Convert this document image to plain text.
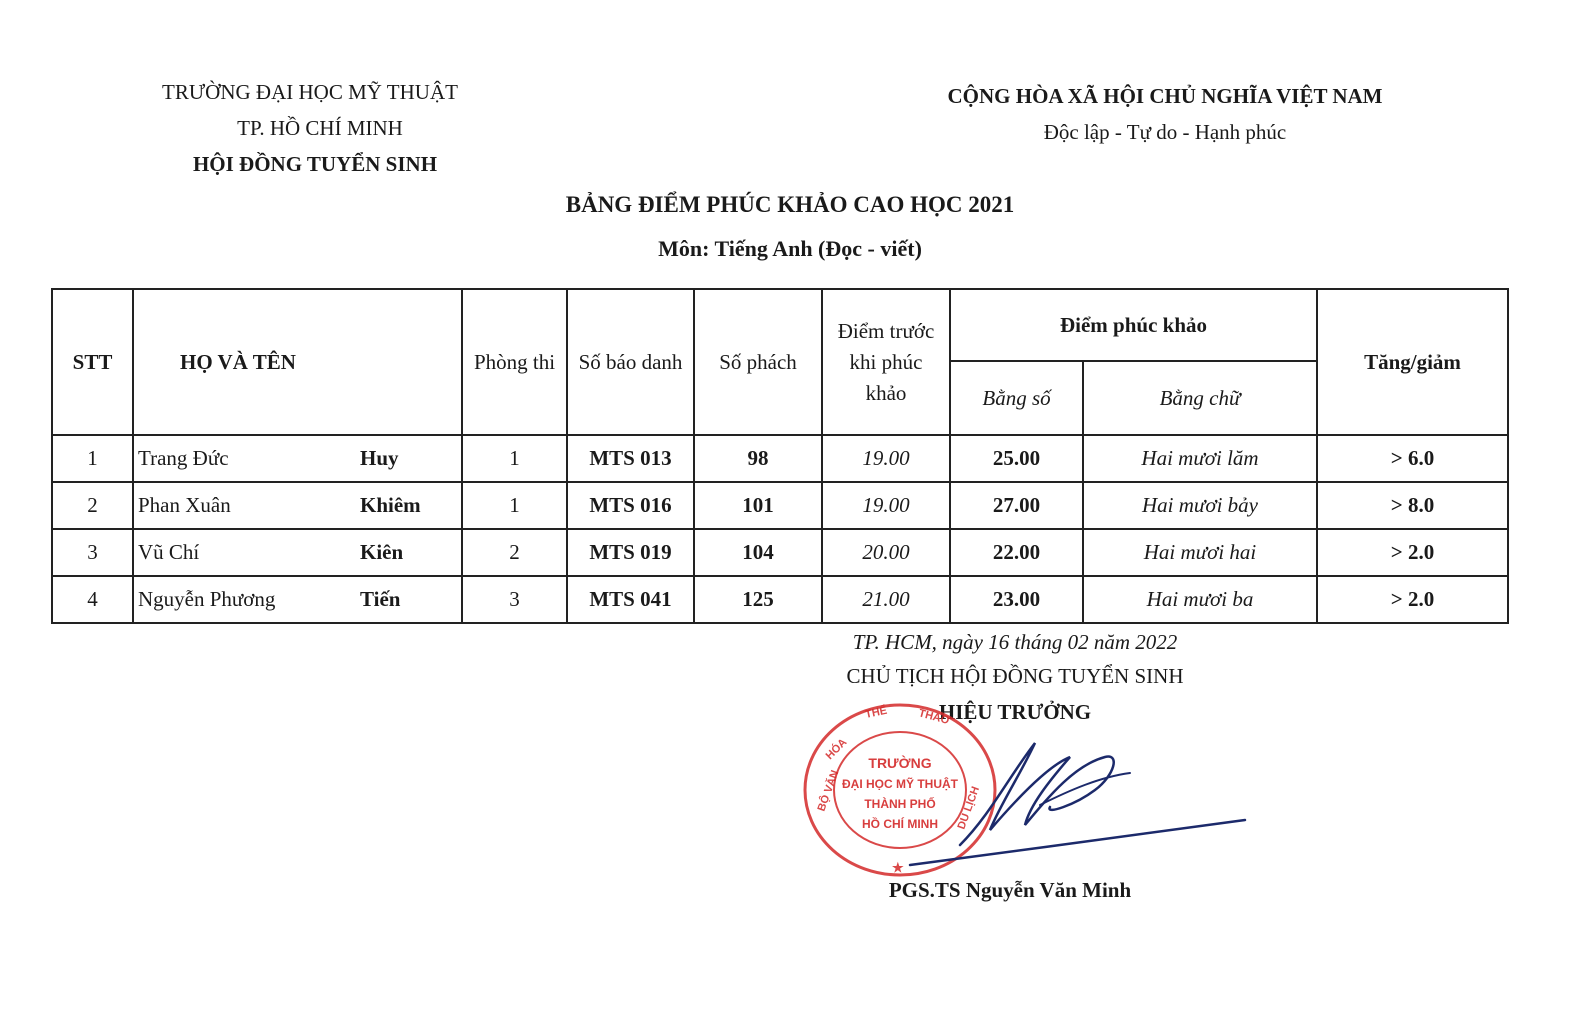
TRƯỜNG ĐẠI HỌC MỸ THUẬT
TP. HỒ CHÍ MINH
HỘI ĐỒNG TUYỂN SINH
CỘNG HÒA XÃ HỘI CHỦ NGHĨA VIỆT NAM
Độc lập - Tự do - Hạnh phúc
BẢNG ĐIỂM PHÚC KHẢO CAO HỌC 2021
Môn: Tiếng Anh (Đọc - viết)
STT	HỌ VÀ TÊN	Phòng thi	Số báo danh	Số phách	Điểm trước
khi phúc
khảo	Điểm phúc khảo		Tăng/giảm
						Bằng số	Bằng chữ	
1	Trang Đức Huy	1	MTS 013	98	19.00	25.00	Hai mươi lăm	> 6.0
2	Phan Xuân Khiêm	1	MTS 016	101	19.00	27.00	Hai mươi bảy	> 8.0
3	Vũ Chí Kiên	2	MTS 019	104	20.00	22.00	Hai mươi hai	> 2.0
4	Nguyễn Phương Tiến	3	MTS 041	125	21.00	23.00	Hai mươi ba	> 2.0
TP. HCM, ngày 16 tháng 02 năm 2022
CHỦ TỊCH HỘI ĐỒNG TUYỂN SINH
HIỆU TRƯỞNG
TRƯỜNG
ĐẠI HỌC MỸ THUẬT
THÀNH PHỐ
HỒ CHÍ MINH
BỘ VĂN
HÓA
THỂ	THAO
DU LỊCH
★
PGS.TS Nguyễn Văn Minh
